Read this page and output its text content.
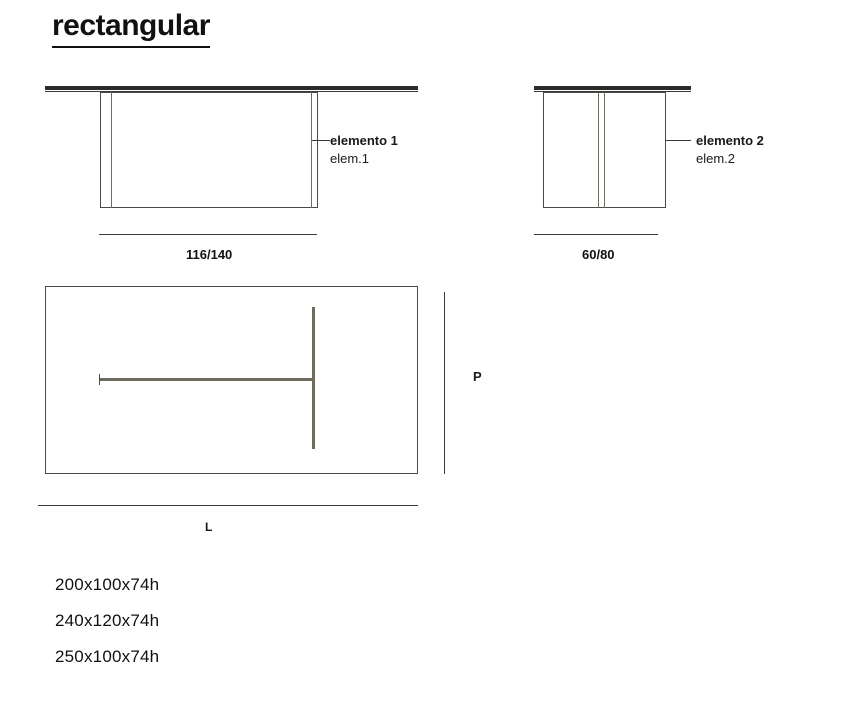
rectangular
elemento 1
elem.1
116/140
elemento 2
elem.2
60/80
P
L
200x100x74h
240x120x74h
250x100x74h
